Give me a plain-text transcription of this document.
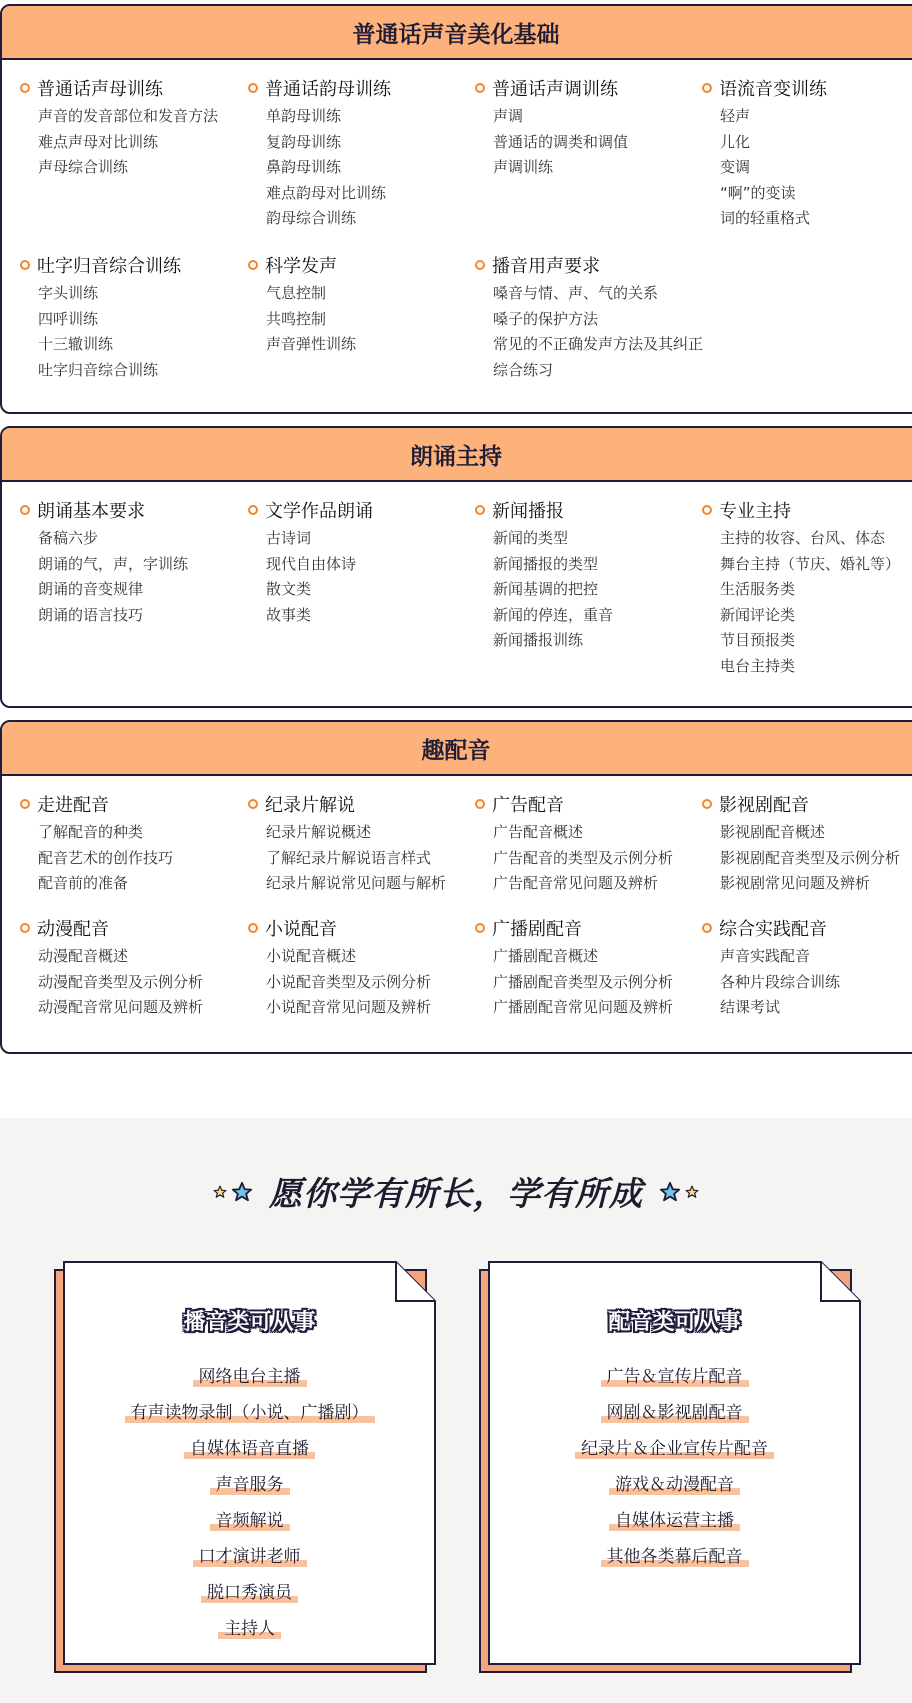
普通话声音美化基础
普通话声母训练
声音的发音部位和发音方法
难点声母对比训练
声母综合训练
普通话韵母训练
单韵母训练
复韵母训练
鼻韵母训练
难点韵母对比训练
韵母综合训练
普通话声调训练
声调
普通话的调类和调值
声调训练
语流音变训练
轻声
儿化
变调
“啊”的变读
词的轻重格式
吐字归音综合训练
字头训练
四呼训练
十三辙训练
吐字归音综合训练
科学发声
气息控制
共鸣控制
声音弹性训练
播音用声要求
嗓音与情、声、气的关系
嗓子的保护方法
常见的不正确发声方法及其纠正
综合练习
朗诵主持
朗诵基本要求
备稿六步
朗诵的气，声，字训练
朗诵的音变规律
朗诵的语言技巧
文学作品朗诵
古诗词
现代自由体诗
散文类
故事类
新闻播报
新闻的类型
新闻播报的类型
新闻基调的把控
新闻的停连，重音
新闻播报训练
专业主持
主持的妆容、台风、体态
舞台主持（节庆、婚礼等）
生活服务类
新闻评论类
节目预报类
电台主持类
趣配音
走进配音
了解配音的种类
配音艺术的创作技巧
配音前的准备
纪录片解说
纪录片解说概述
了解纪录片解说语言样式
纪录片解说常见问题与解析
广告配音
广告配音概述
广告配音的类型及示例分析
广告配音常见问题及辨析
影视剧配音
影视剧配音概述
影视剧配音类型及示例分析
影视剧常见问题及辨析
动漫配音
动漫配音概述
动漫配音类型及示例分析
动漫配音常见问题及辨析
小说配音
小说配音概述
小说配音类型及示例分析
小说配音常见问题及辨析
广播剧配音
广播剧配音概述
广播剧配音类型及示例分析
广播剧配音常见问题及辨析
综合实践配音
声音实践配音
各种片段综合训练
结课考试
愿你学有所长，学有所成
播音类可从事
网络电台主播
有声读物录制（小说、广播剧）
自媒体语音直播
声音服务
音频解说
口才演讲老师
脱口秀演员
主持人
配音类可从事
广告＆宣传片配音
网剧＆影视剧配音
纪录片＆企业宣传片配音
游戏＆动漫配音
自媒体运营主播
其他各类幕后配音
